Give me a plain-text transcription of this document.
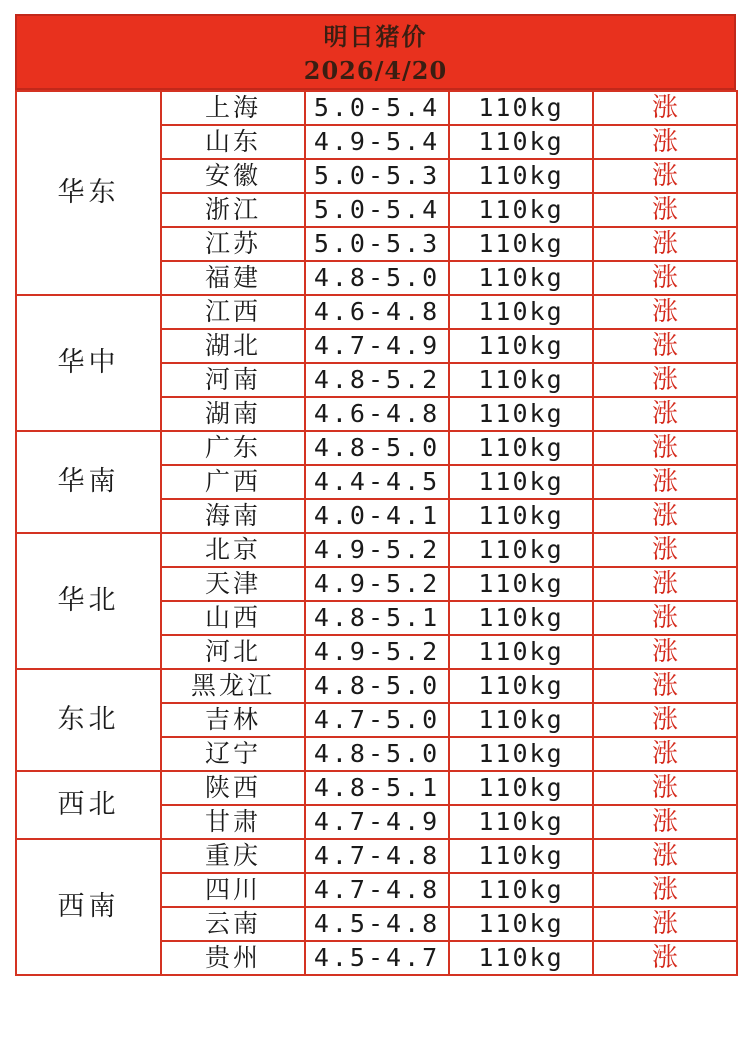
明日猪价
2026/4/20
华东	上海	5.0-5.4	110kg	涨
	山东	4.9-5.4	110kg	涨
	安徽	5.0-5.3	110kg	涨
	浙江	5.0-5.4	110kg	涨
	江苏	5.0-5.3	110kg	涨
	福建	4.8-5.0	110kg	涨
华中	江西	4.6-4.8	110kg	涨
	湖北	4.7-4.9	110kg	涨
	河南	4.8-5.2	110kg	涨
	湖南	4.6-4.8	110kg	涨
华南	广东	4.8-5.0	110kg	涨
	广西	4.4-4.5	110kg	涨
	海南	4.0-4.1	110kg	涨
华北	北京	4.9-5.2	110kg	涨
	天津	4.9-5.2	110kg	涨
	山西	4.8-5.1	110kg	涨
	河北	4.9-5.2	110kg	涨
东北	黑龙江	4.8-5.0	110kg	涨
	吉林	4.7-5.0	110kg	涨
	辽宁	4.8-5.0	110kg	涨
西北	陕西	4.8-5.1	110kg	涨
	甘肃	4.7-4.9	110kg	涨
西南	重庆	4.7-4.8	110kg	涨
	四川	4.7-4.8	110kg	涨
	云南	4.5-4.8	110kg	涨
	贵州	4.5-4.7	110kg	涨
